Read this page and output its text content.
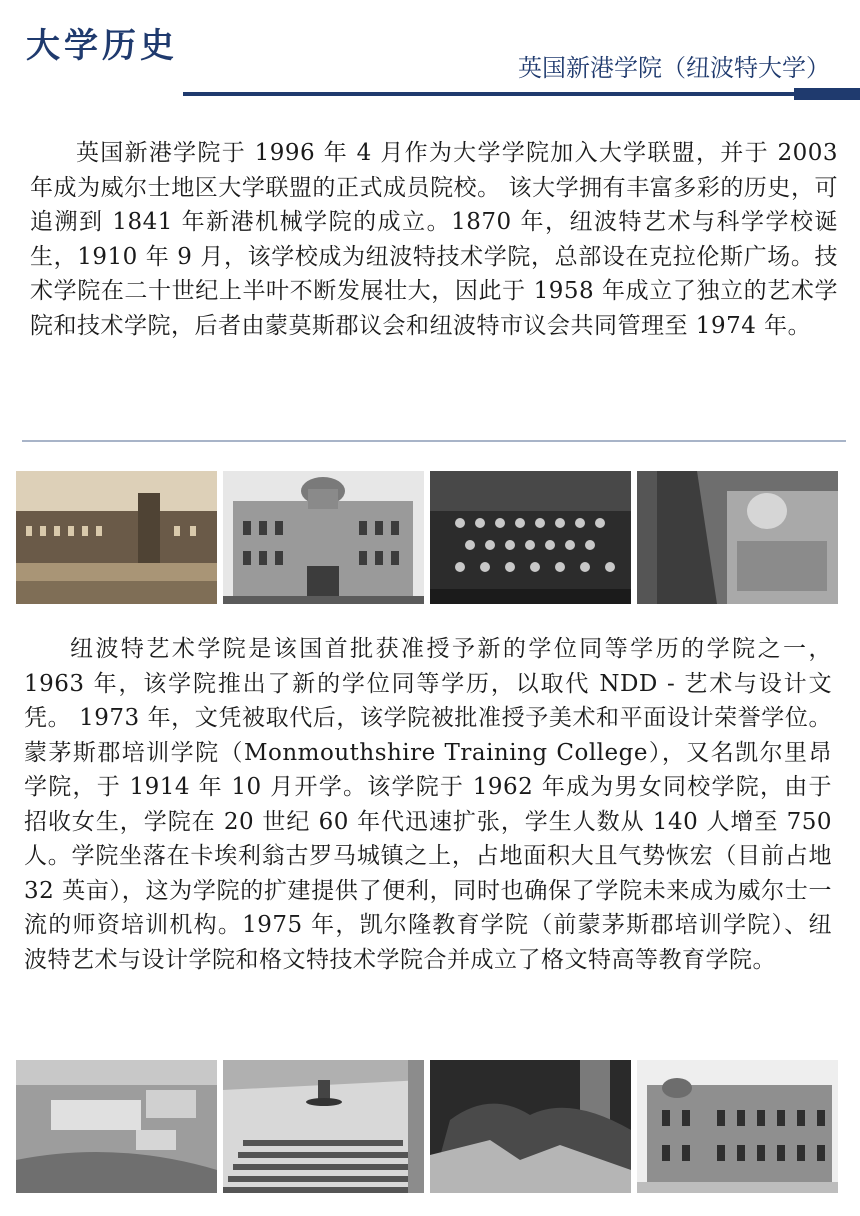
大学历史
英国新港学院（纽波特大学）

英国新港学院于 1996 年 4 月作为大学学院加入大学联盟，并于 2003 年成为威尔士地区大学联盟的正式成员院校。 该大学拥有丰富多彩的历史，可追溯到 1841 年新港机械学院的成立。1870 年，纽波特艺术与科学学校诞生，1910 年 9 月，该学校成为纽波特技术学院，总部设在克拉伦斯广场。技术学院在二十世纪上半叶不断发展壮大，因此于 1958 年成立了独立的艺术学院和技术学院，后者由蒙莫斯郡议会和纽波特市议会共同管理至 1974 年。

纽波特艺术学院是该国首批获准授予新的学位同等学历的学院之一，1963 年，该学院推出了新的学位同等学历，以取代 NDD - 艺术与设计文凭。 1973 年，文凭被取代后，该学院被批准授予美术和平面设计荣誉学位。 蒙茅斯郡培训学院（Monmouthshire Training College），又名凯尔里昂学院，于 1914 年 10 月开学。该学院于 1962 年成为男女同校学院，由于招收女生，学院在 20 世纪 60 年代迅速扩张，学生人数从 140 人增至 750 人。学院坐落在卡埃利翁古罗马城镇之上，占地面积大且气势恢宏（目前占地 32 英亩），这为学院的扩建提供了便利，同时也确保了学院未来成为威尔士一流的师资培训机构。1975 年，凯尔隆教育学院（前蒙茅斯郡培训学院）、纽波特艺术与设计学院和格文特技术学院合并成立了格文特高等教育学院。
